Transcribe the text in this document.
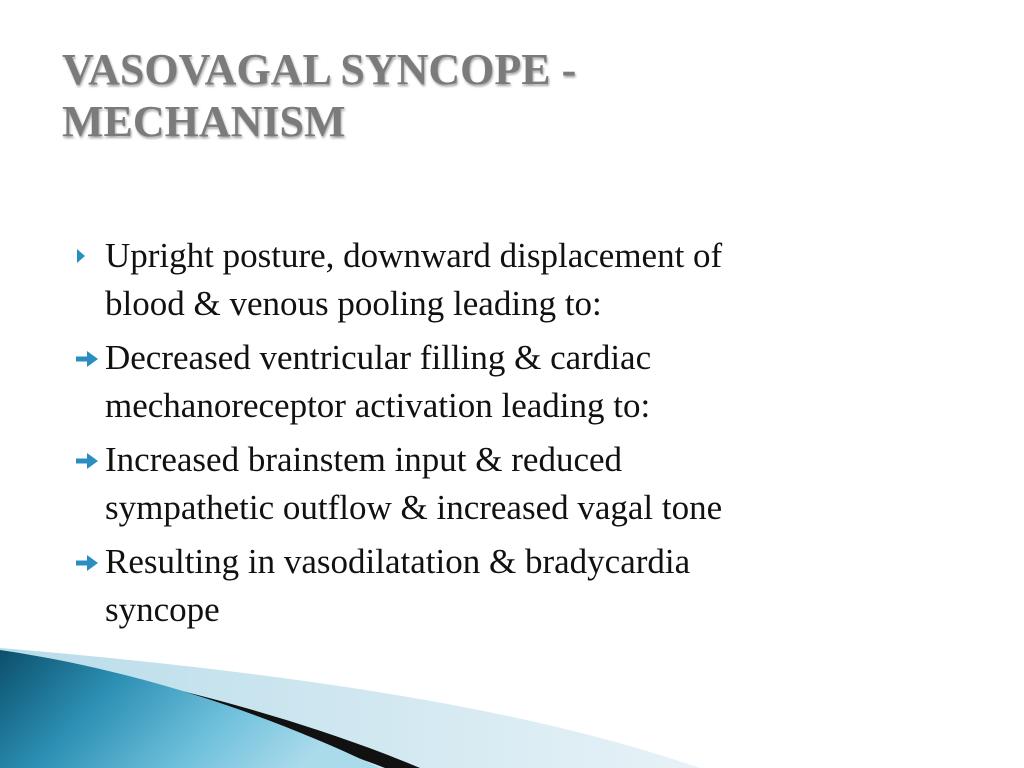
VASOVAGAL SYNCOPE -
MECHANISM
Upright posture, downward displacement of
blood & venous pooling leading to:
Decreased ventricular filling & cardiac
mechanoreceptor activation leading to:
Increased brainstem input & reduced
sympathetic outflow & increased vagal tone
Resulting in vasodilatation & bradycardia
syncope
